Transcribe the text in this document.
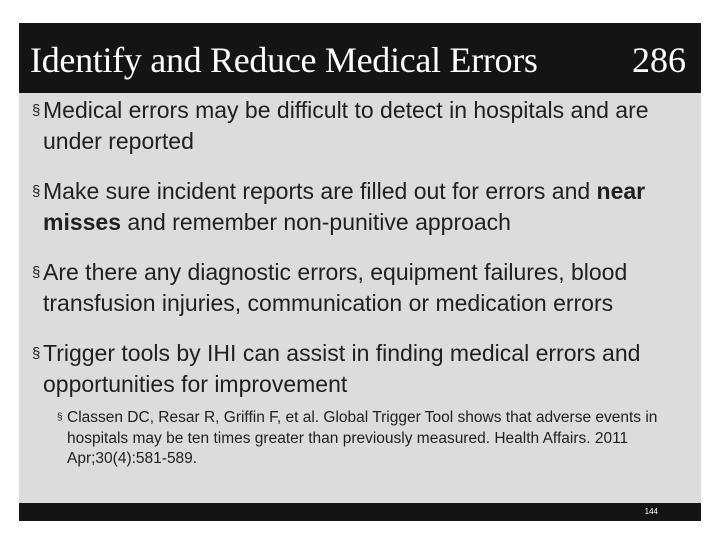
Identify and Reduce Medical Errors	286
§ Medical errors may be difficult to detect in hospitals and are under reported
§ Make sure incident reports are filled out for errors and near misses and remember non-punitive approach
§ Are there any diagnostic errors, equipment failures, blood transfusion injuries, communication or medication errors
§ Trigger tools by IHI can assist in finding medical errors and opportunities for improvement
§ Classen DC, Resar R, Griffin F, et al. Global Trigger Tool shows that adverse events in hospitals may be ten times greater than previously measured. Health Affairs. 2011 Apr;30(4):581-589.
144
